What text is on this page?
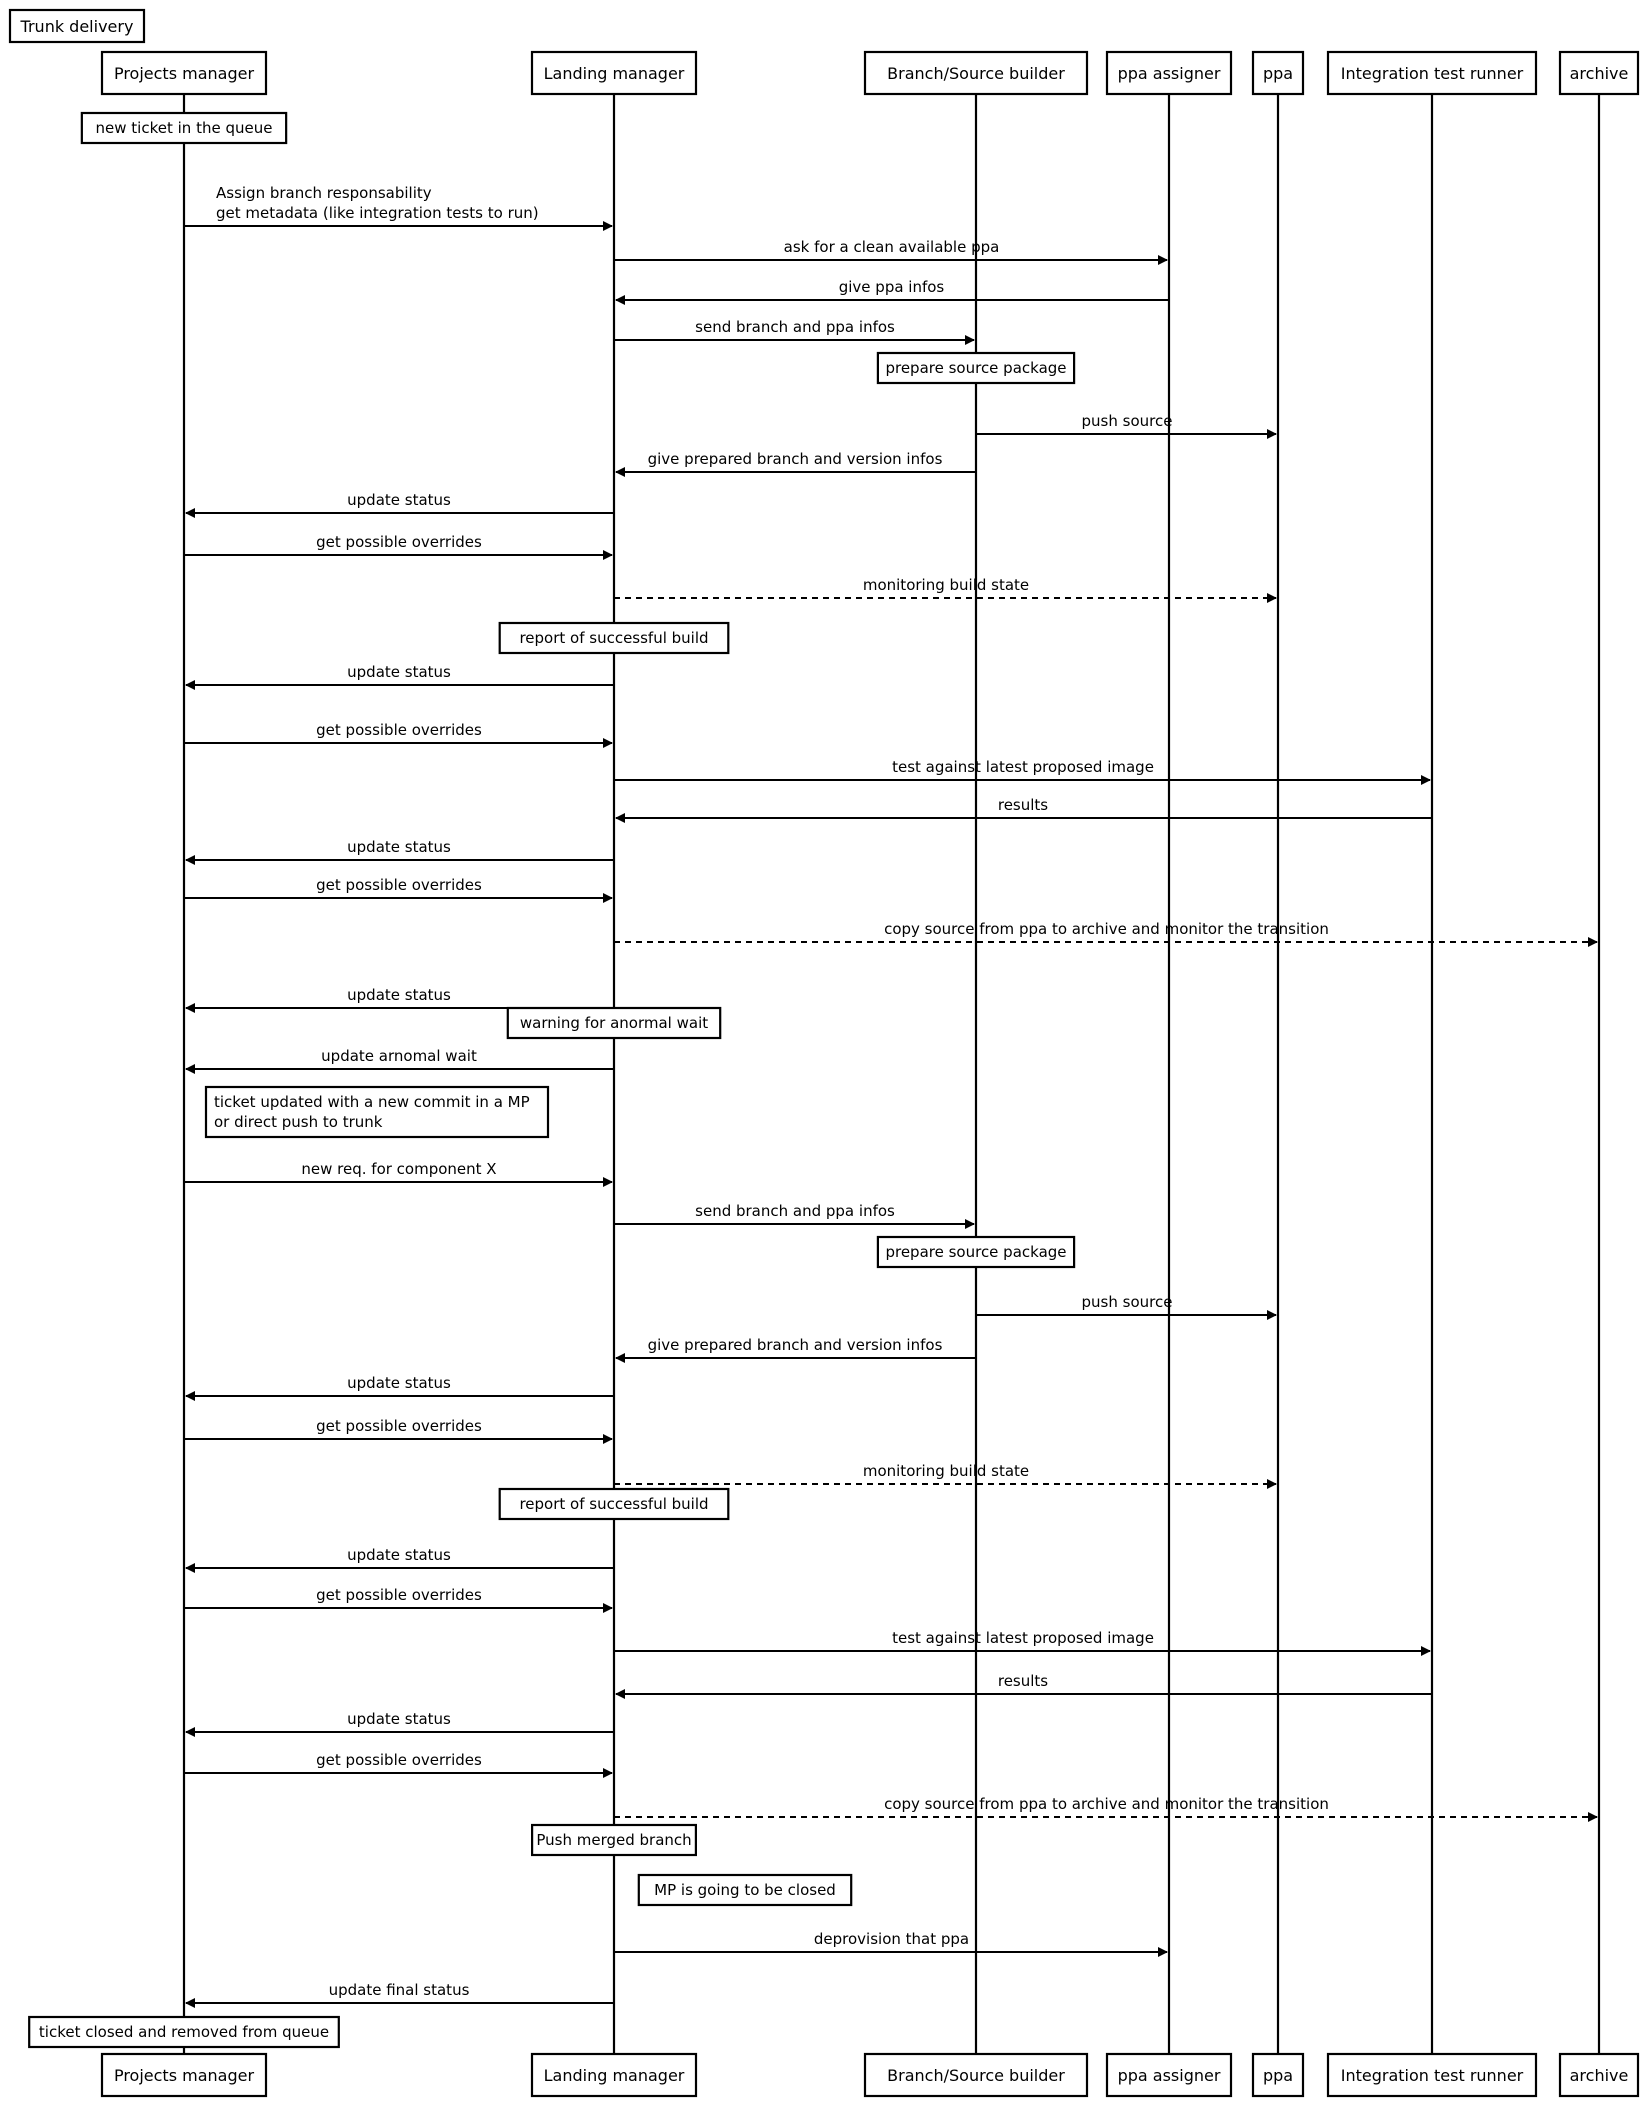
Trunk delivery
Projects manager	Landing manager	Branch/Source builder	ppa assigner	ppa	Integration test runner	archive
Projects manager	Landing manager	Branch/Source builder	ppa assigner	ppa	Integration test runner	archive
new ticket in the queue
Assign branch responsability
get metadata (like integration tests to run)
ask for a clean available ppa
give ppa infos
send branch and ppa infos
prepare source package
push source
give prepared branch and version infos
update status
get possible overrides
monitoring build state
report of successful build
update status
get possible overrides
test against latest proposed image
results
update status
get possible overrides
copy source from ppa to archive and monitor the transition
update status
warning for anormal wait
update arnomal wait
ticket updated with a new commit in a MP
or direct push to trunk
new req. for component X
send branch and ppa infos
prepare source package
push source
give prepared branch and version infos
update status
get possible overrides
monitoring build state
report of successful build
update status
get possible overrides
test against latest proposed image
results
update status
get possible overrides
copy source from ppa to archive and monitor the transition
Push merged branch
MP is going to be closed
deprovision that ppa
update final status
ticket closed and removed from queue
